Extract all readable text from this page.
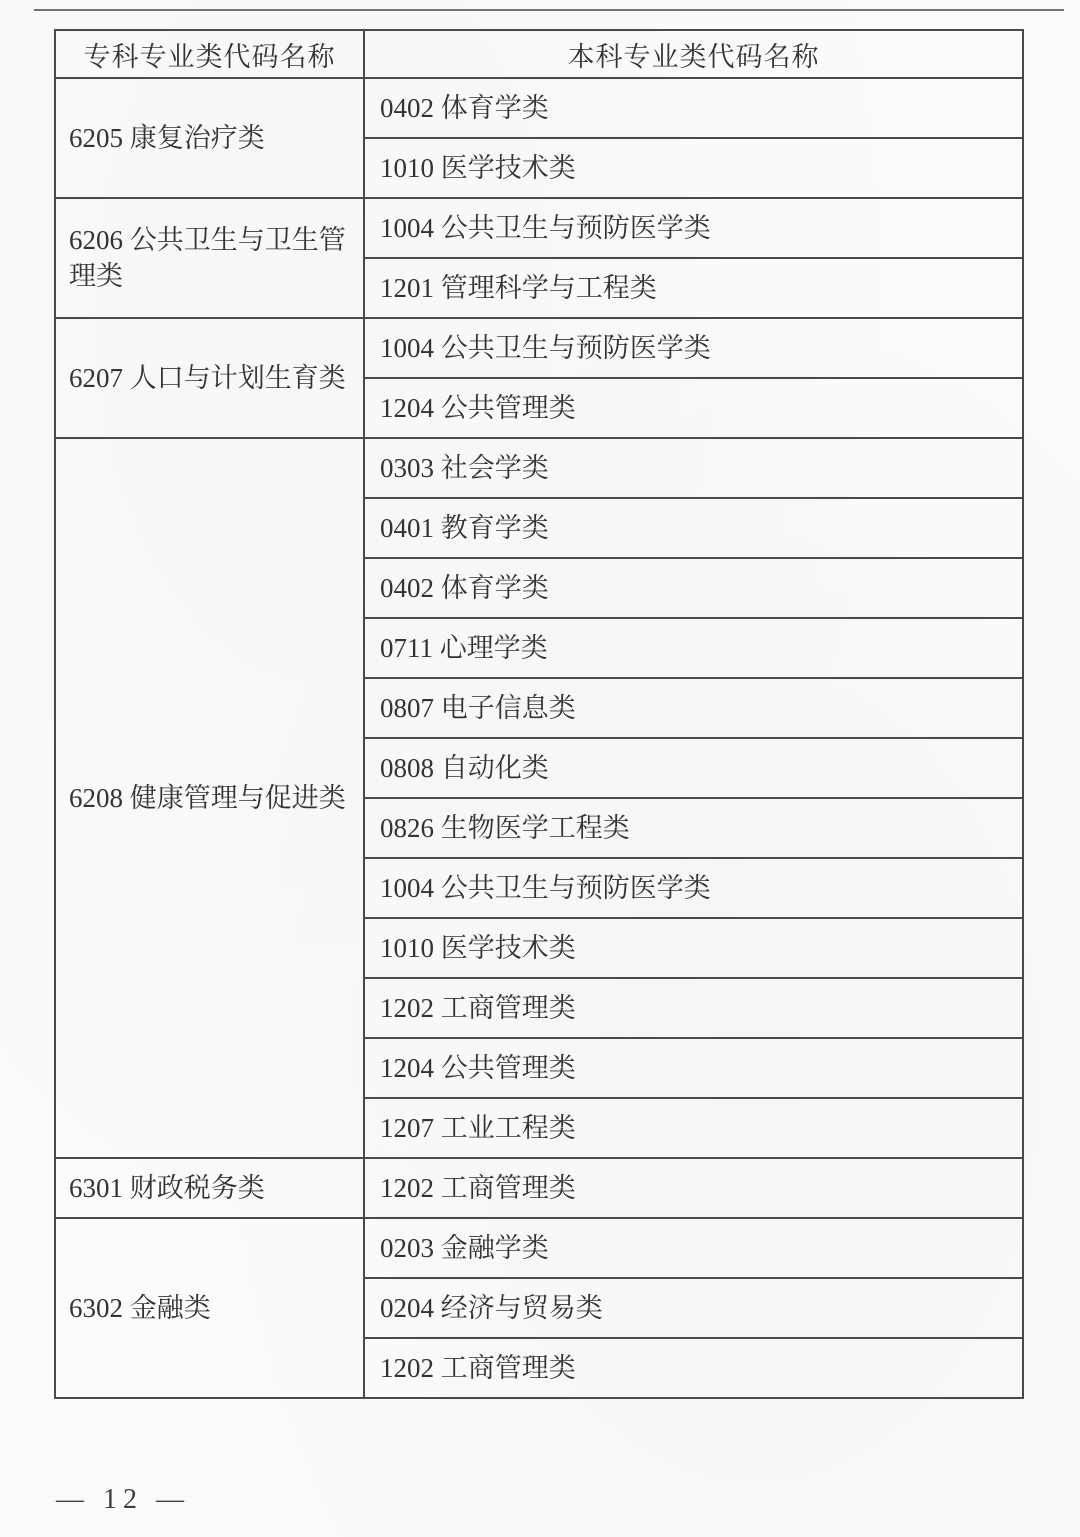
专科专业类代码名称	本科专业类代码名称
6205 康复治疗类	0402 体育学类
	1010 医学技术类
6206 公共卫生与卫生管理类	1004 公共卫生与预防医学类
	1201 管理科学与工程类
6207 人口与计划生育类	1004 公共卫生与预防医学类
	1204 公共管理类
6208 健康管理与促进类	0303 社会学类
	0401 教育学类
	0402 体育学类
	0711 心理学类
	0807 电子信息类
	0808 自动化类
	0826 生物医学工程类
	1004 公共卫生与预防医学类
	1010 医学技术类
	1202 工商管理类
	1204 公共管理类
	1207 工业工程类
6301 财政税务类	1202 工商管理类
6302 金融类	0203 金融学类
	0204 经济与贸易类
	1202 工商管理类
— 12 —
